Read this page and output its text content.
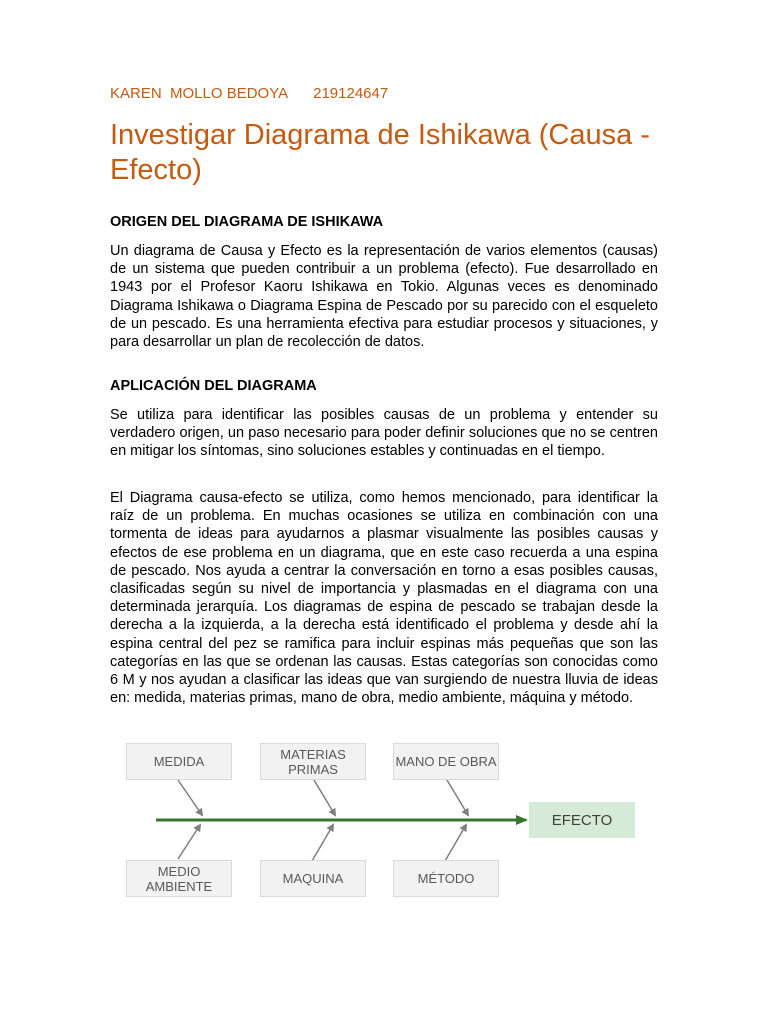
KAREN  MOLLO BEDOYA 219124647
Investigar Diagrama de Ishikawa (Causa - Efecto)
ORIGEN DEL DIAGRAMA DE ISHIKAWA

Un diagrama de Causa y Efecto es la representación de varios elementos (causas) de un sistema que pueden contribuir a un problema (efecto). Fue desarrollado en 1943 por el Profesor Kaoru Ishikawa en Tokio. Algunas veces es denominado Diagrama Ishikawa o Diagrama Espina de Pescado por su parecido con el esqueleto de un pescado. Es una herramienta efectiva para estudiar procesos y situaciones, y para desarrollar un plan de recolección de datos.

APLICACIÓN DEL DIAGRAMA

Se utiliza para identificar las posibles causas de un problema y entender su verdadero origen, un paso necesario para poder definir soluciones que no se centren en mitigar los síntomas, sino soluciones estables y continuadas en el tiempo.

El Diagrama causa-efecto se utiliza, como hemos mencionado, para identificar la raíz de un problema. En muchas ocasiones se utiliza en combinación con una tormenta de ideas para ayudarnos a plasmar visualmente las posibles causas y efectos de ese problema en un diagrama, que en este caso recuerda a una espina de pescado. Nos ayuda a centrar la conversación en torno a esas posibles causas, clasificadas según su nivel de importancia y plasmadas en el diagrama con una determinada jerarquía. Los diagramas de espina de pescado se trabajan desde la derecha a la izquierda, a la derecha está identificado el problema y desde ahí la espina central del pez se ramifica para incluir espinas más pequeñas que son las categorías en las que se ordenan las causas. Estas categorías son conocidas como 6 M y nos ayudan a clasificar las ideas que van surgiendo de nuestra lluvia de ideas en: medida, materias primas, mano de obra, medio ambiente, máquina y método.

MEDIDA	MATERIAS PRIMAS	MANO DE OBRA
MEDIO AMBIENTE	MAQUINA	MÉTODO
EFECTO
